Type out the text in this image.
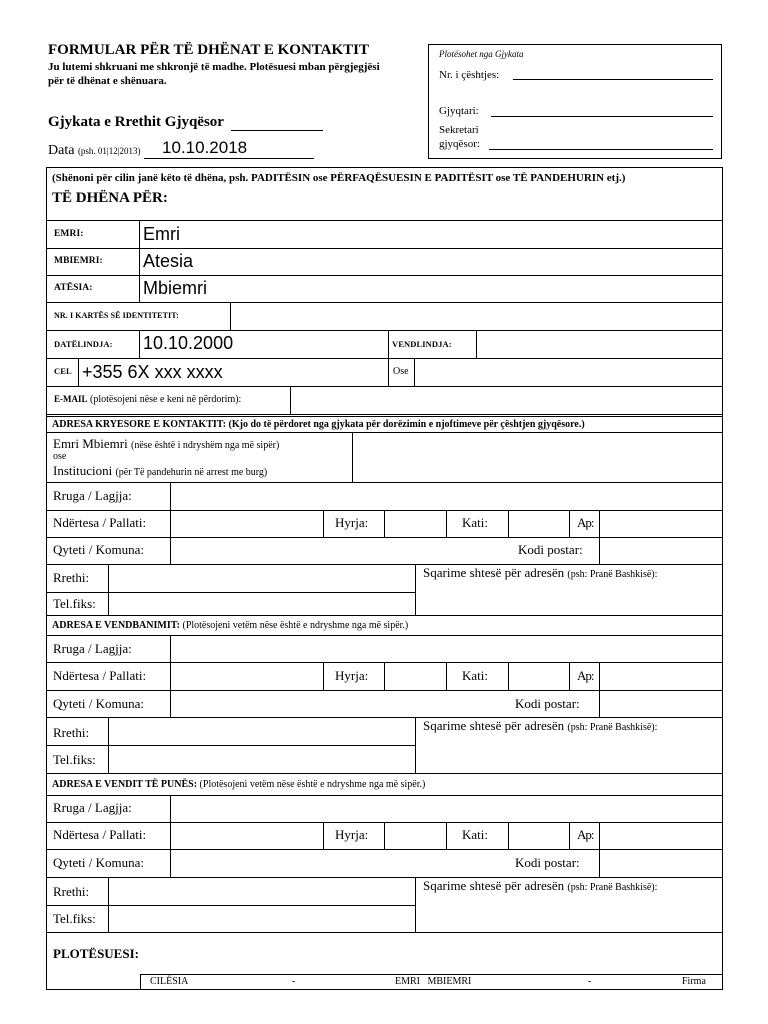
FORMULAR PËR TË DHËNAT E KONTAKTIT
Ju lutemi shkruani me shkronjë të madhe. Plotësuesi mban përgjegjësi për të dhënat e shënuara.
Gjykata e Rrethit Gjyqësor
Data (psh. 01|12|2013) 10.10.2018
Plotësohet nga Gjykata
Nr. i çështjes:
Gjyqtari:
Sekretari
gjyqësor:
(Shënoni për cilin janë këto të dhëna, psh. PADITËSIN ose PËRFAQËSUESIN E PADITËSIT ose TË PANDEHURIN etj.)
TË DHËNA PËR:
EMRI:	Emri
MBIEMRI: Atesia
ATËSIA:	Mbiemri
NR. I KARTËS SË IDENTITETIT:
DATËLINDJA: 10.10.2000	VENDLINDJA:
CEL +355 6X xxx xxxx	Ose
E-MAIL (plotësojeni nëse e keni në përdorim):
ADRESA KRYESORE E KONTAKTIT: (Kjo do të përdoret nga gjykata për dorëzimin e njoftimeve për çështjen gjyqësore.)
Emri Mbiemri (nëse është i ndryshëm nga më sipër)
ose
Institucioni (për Të pandehurin në arrest me burg)
Rruga / Lagjja:
Ndërtesa / Pallati:	Hyrja:	Kati:	Ap:
Qyteti / Komuna:	Kodi postar:
Rrethi:	Sqarime shtesë për adresën (psh: Pranë Bashkisë):
Tel.fiks:
ADRESA E VENDBANIMIT: (Plotësojeni vetëm nëse është e ndryshme nga më sipër.)
Rruga / Lagjja:
Ndërtesa / Pallati:	Hyrja:	Kati:	Ap:
Qyteti / Komuna:	Kodi postar:
Rrethi:	Sqarime shtesë për adresën (psh: Pranë Bashkisë):
Tel.fiks:
ADRESA E VENDIT TË PUNËS: (Plotësojeni vetëm nëse është e ndryshme nga më sipër.)
Rruga / Lagjja:
Ndërtesa / Pallati:	Hyrja:	Kati:	Ap:
Qyteti / Komuna:	Kodi postar:
Rrethi:	Sqarime shtesë për adresën (psh: Pranë Bashkisë):
Tel.fiks:
PLOTËSUESI:
CILËSIA	-	EMRI   MBIEMRI	-	Firma
